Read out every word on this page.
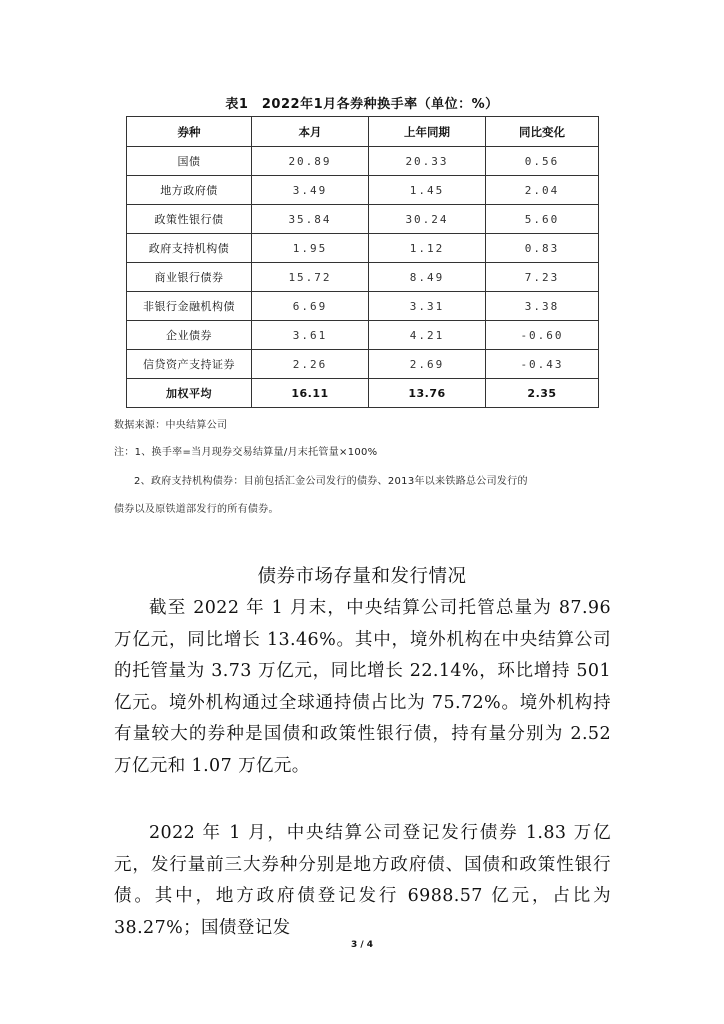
表1　2022年1月各券种换手率（单位：%）
券种	本月	上年同期	同比变化
国债	20.89	20.33	0.56
地方政府债	3.49	1.45	2.04
政策性银行债	35.84	30.24	5.60
政府支持机构债	1.95	1.12	0.83
商业银行债券	15.72	8.49	7.23
非银行金融机构债	6.69	3.31	3.38
企业债券	3.61	4.21	-0.60
信贷资产支持证券	2.26	2.69	-0.43
加权平均	16.11	13.76	2.35
数据来源：中央结算公司
注：1、换手率=当月现券交易结算量/月末托管量×100%
2、政府支持机构债券：目前包括汇金公司发行的债券、2013年以来铁路总公司发行的
债券以及原铁道部发行的所有债券。
债券市场存量和发行情况

截至 2022 年 1 月末，中央结算公司托管总量为 87.96 万亿元，同比增长 13.46%。其中，境外机构在中央结算公司的托管量为 3.73 万亿元，同比增长 22.14%，环比增持 501 亿元。境外机构通过全球通持债占比为 75.72%。境外机构持有量较大的券种是国债和政策性银行债，持有量分别为 2.52 万亿元和 1.07 万亿元。

2022 年 1 月，中央结算公司登记发行债券 1.83 万亿元，发行量前三大券种分别是地方政府债、国债和政策性银行债。其中，地方政府债登记发行 6988.57 亿元，占比为 38.27%；国债登记发

3 / 4
